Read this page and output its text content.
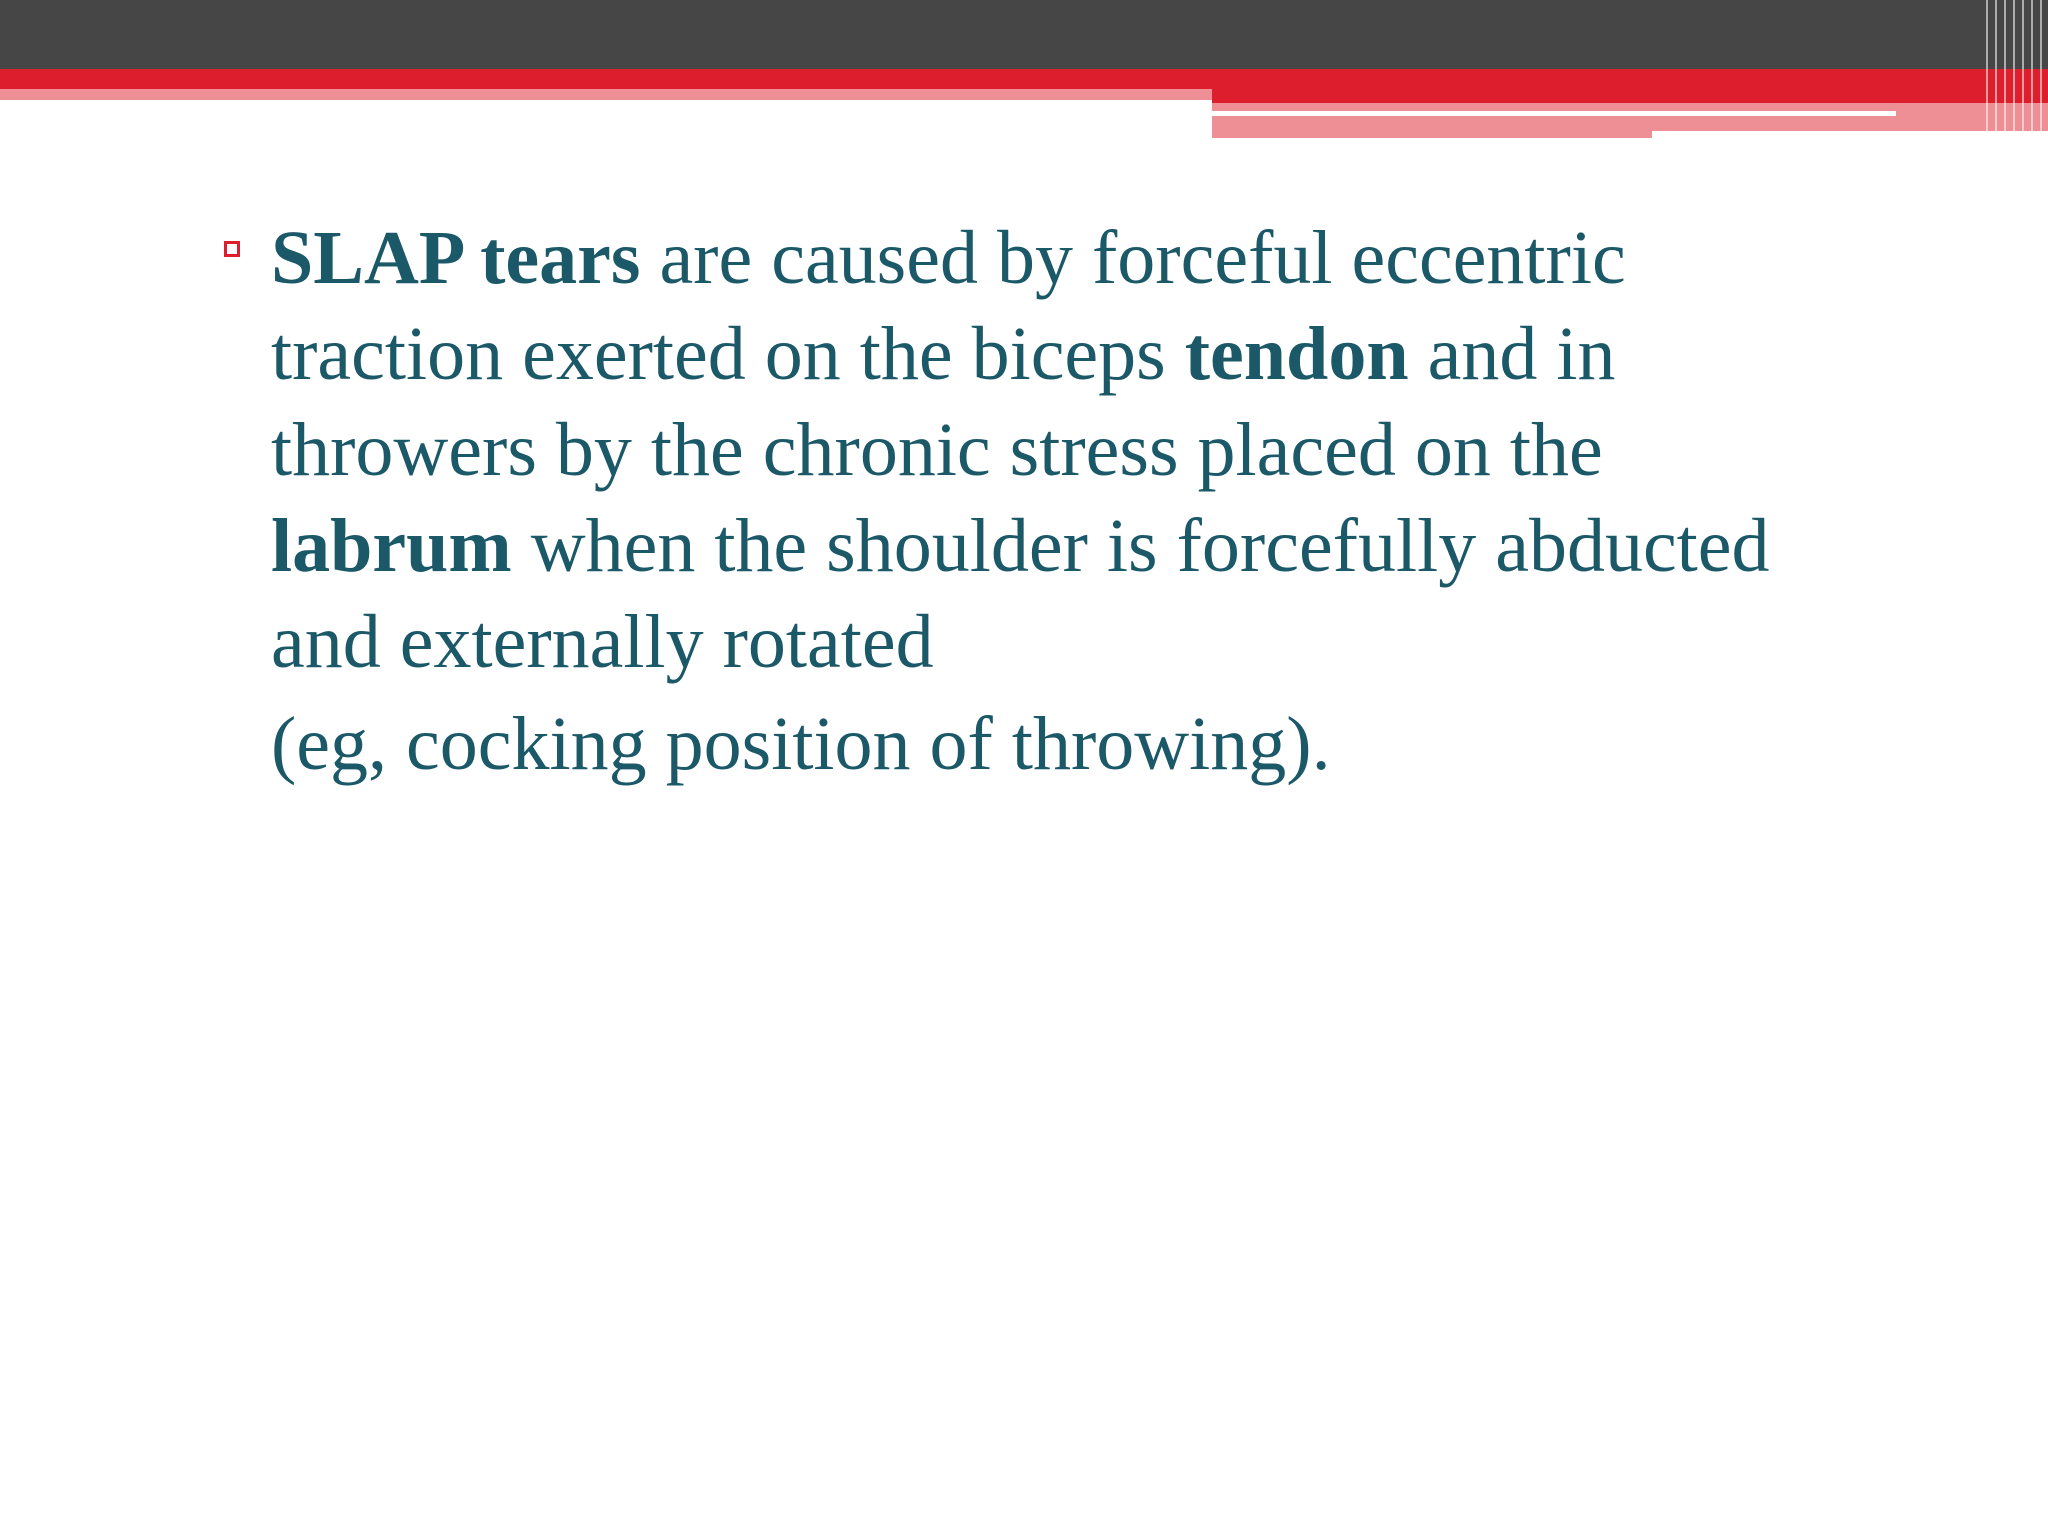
SLAP tears are caused by forceful eccentric traction exerted on the biceps tendon and in throwers by the chronic stress placed on the labrum when the shoulder is forcefully abducted and externally rotated

(eg, cocking position of throwing).
